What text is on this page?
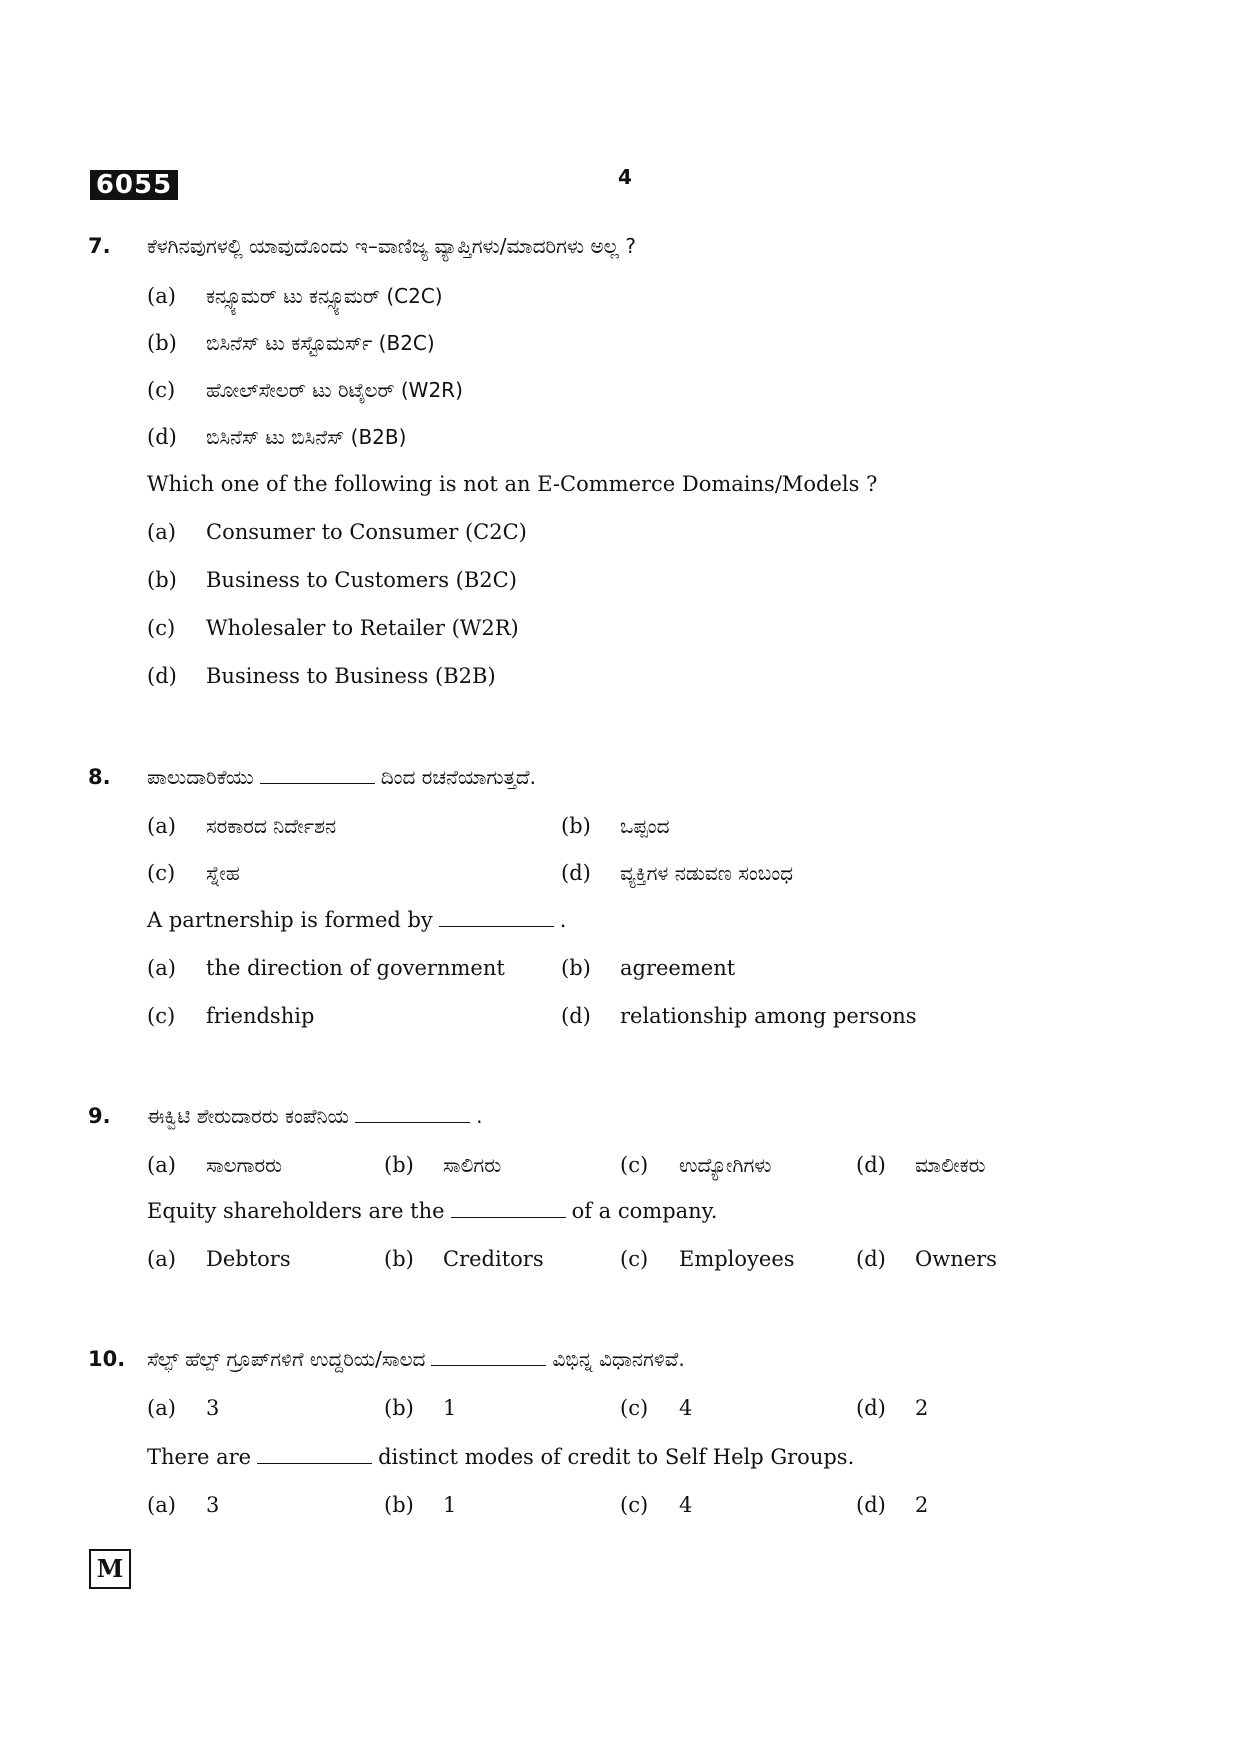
6055	4
7. ಕೆಳಗಿನವುಗಳಲ್ಲಿ ಯಾವುದೊಂದು ಇ–ವಾಣಿಜ್ಯ ವ್ಯಾಪ್ತಿಗಳು/ಮಾದರಿಗಳು ಅಲ್ಲ ?
(a) ಕನ್ಸ್ಯೂಮರ್ ಟು ಕನ್ಸ್ಯೂಮರ್ (C2C)
(b) ಬಿಸಿನೆಸ್ ಟು ಕಸ್ಟೊಮರ್ಸ್ (B2C)
(c) ಹೋಲ್‌ಸೇಲರ್ ಟು ರಿಟೈಲರ್ (W2R)
(d) ಬಿಸಿನೆಸ್ ಟು ಬಿಸಿನೆಸ್ (B2B)
Which one of the following is not an E-Commerce Domains/Models ?
(a) Consumer to Consumer (C2C)
(b) Business to Customers (B2C)
(c) Wholesaler to Retailer (W2R)
(d) Business to Business (B2B)
8. ಪಾಲುದಾರಿಕೆಯು	ದಿಂದ ರಚನೆಯಾಗುತ್ತದೆ.
(a) ಸರಕಾರದ ನಿರ್ದೇಶನ	(b) ಒಪ್ಪಂದ
(c) ಸ್ನೇಹ	(d) ವ್ಯಕ್ತಿಗಳ ನಡುವಣ ಸಂಬಂಧ
A partnership is formed by	.
(a) the direction of government	(b) agreement
(c) friendship	(d) relationship among persons
9. ಈಕ್ವಿಟಿ ಶೇರುದಾರರು ಕಂಪೆನಿಯ	.
(a) ಸಾಲಗಾರರು	(b) ಸಾಲಿಗರು	(c) ಉದ್ಯೋಗಿಗಳು	(d) ಮಾಲೀಕರು
Equity shareholders are the	of a company.
(a) Debtors	(b) Creditors	(c) Employees	(d) Owners
10. ಸೆಲ್ಫ್ ಹೆಲ್ಪ್ ಗ್ರೂಪ್‌ಗಳಿಗೆ ಉದ್ದರಿಯ/ಸಾಲದ	ವಿಭಿನ್ನ ವಿಧಾನಗಳಿವೆ.
(a) 3	(b) 1	(c) 4	(d) 2
There are	distinct modes of credit to Self Help Groups.
(a) 3	(b) 1	(c) 4	(d) 2
M
